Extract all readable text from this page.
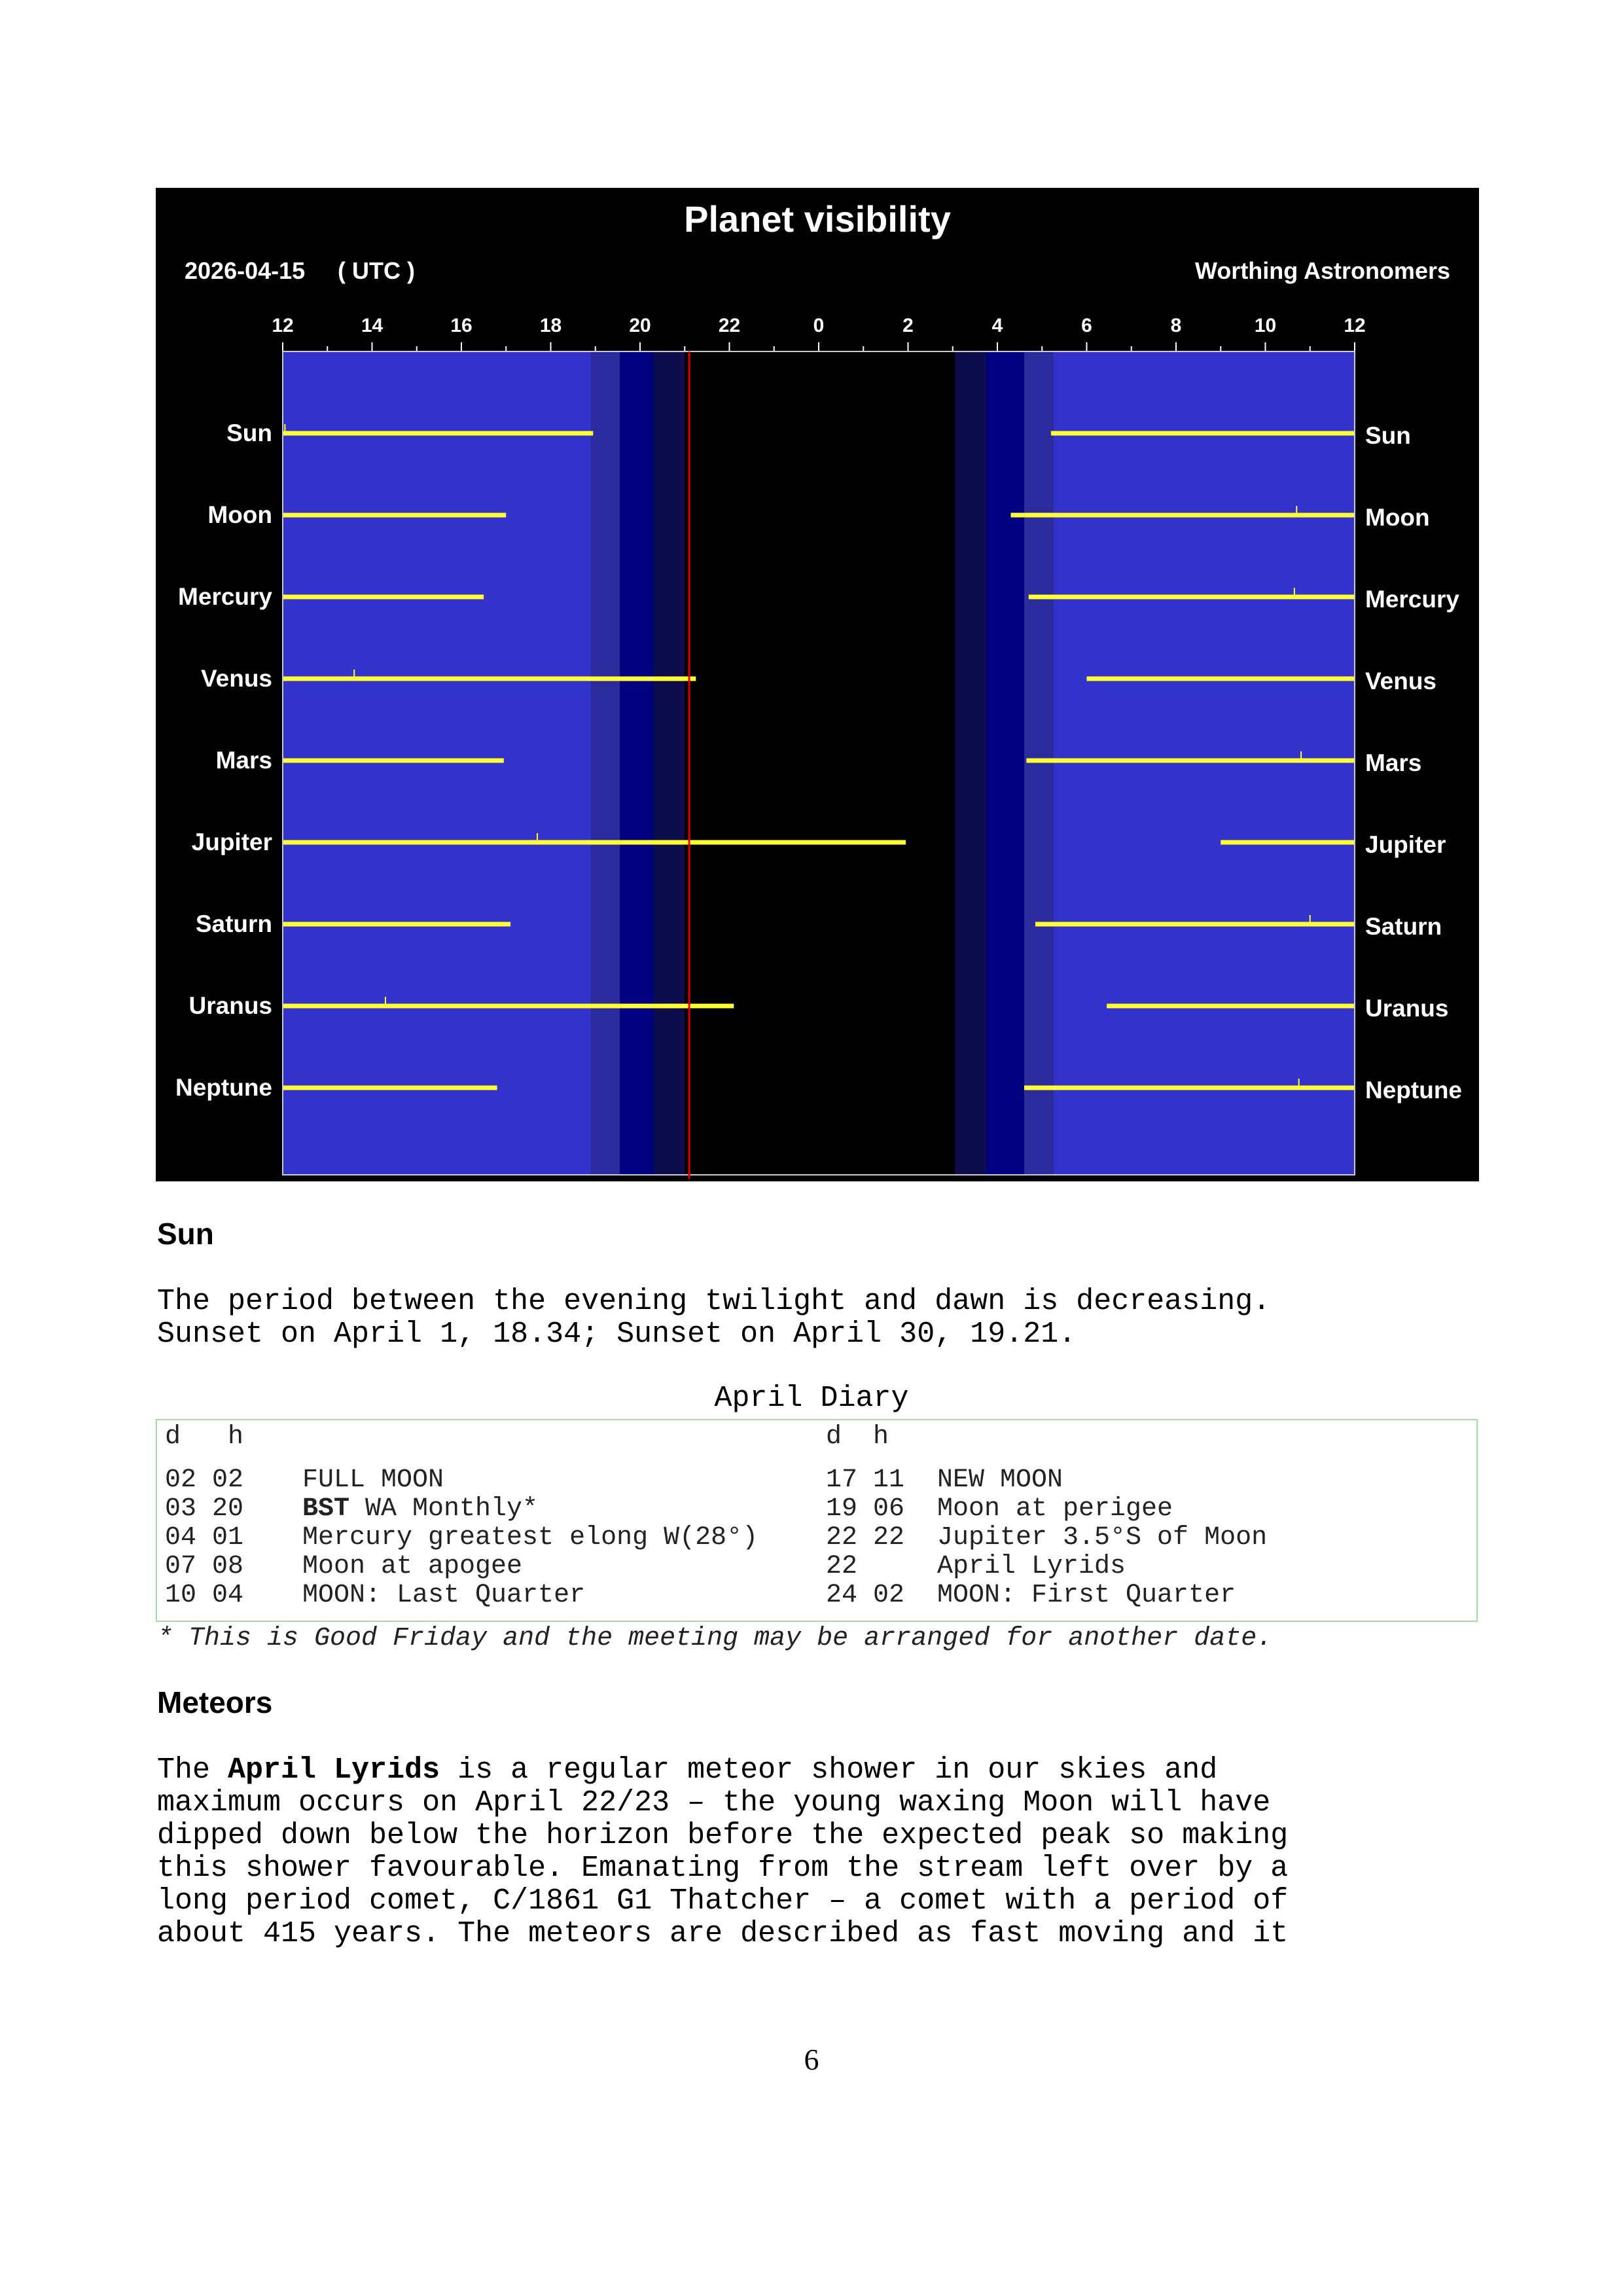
12	14	16	18	20	22	0	2	4	6	8	10	12
Sun
Moon
Mercury
Venus
Mars
Jupiter
Saturn
Uranus
Neptune
Sun
Moon
Mercury
Venus
Mars
Jupiter
Saturn
Uranus
Neptune
Planet visibility
2026-04-15 ( UTC )	Worthing Astronomers
Sun

The period between the evening twilight and dawn is decreasing.

Sunset on April 1, 18.34; Sunset on April 30, 19.21.

April Diary
d   h	d  h
02 02 FULL MOON
03 20 BST WA Monthly*
04 01 Mercury greatest elong W(28°)
07 08 Moon at apogee
10 04 MOON: Last Quarter
17 11 NEW MOON
19 06 Moon at perigee
22 22 Jupiter 3.5°S of Moon
22	April Lyrids
24 02 MOON: First Quarter
* This is Good Friday and the meeting may be arranged for another date.
Meteors

The April Lyrids is a regular meteor shower in our skies and

maximum occurs on April 22/23 – the young waxing Moon will have

dipped down below the horizon before the expected peak so making

this shower favourable. Emanating from the stream left over by a

long period comet, C/1861 G1 Thatcher – a comet with a period of

about 415 years. The meteors are described as fast moving and it

6
